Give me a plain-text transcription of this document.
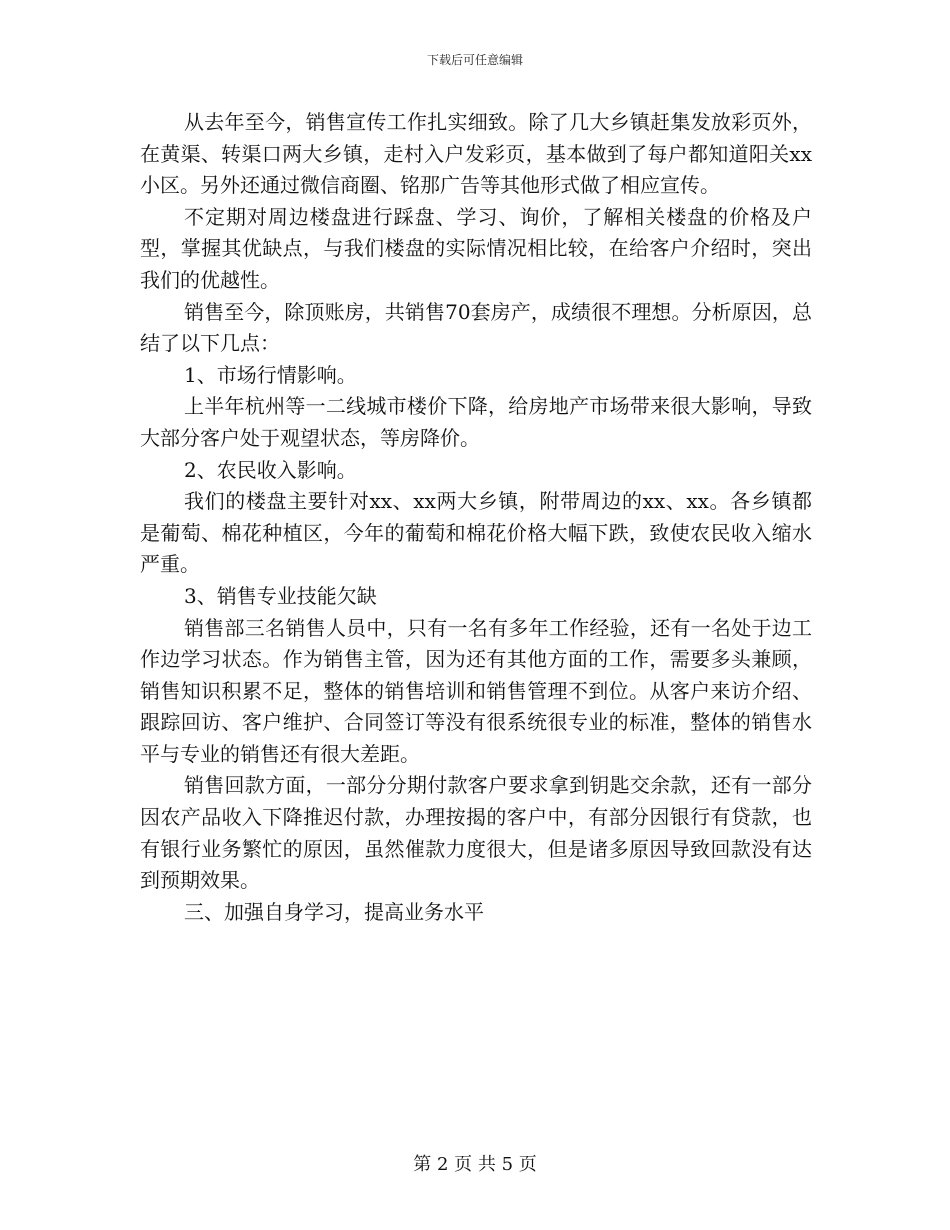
下载后可任意编辑

从去年至今，销售宣传工作扎实细致。除了几大乡镇赶集发放彩页外，在黄渠、转渠口两大乡镇，走村入户发彩页，基本做到了每户都知道阳关xx小区。另外还通过微信商圈、铭那广告等其他形式做了相应宣传。

不定期对周边楼盘进行踩盘、学习、询价，了解相关楼盘的价格及户型，掌握其优缺点，与我们楼盘的实际情况相比较，在给客户介绍时，突出我们的优越性。

销售至今，除顶账房，共销售70套房产，成绩很不理想。分析原因，总结了以下几点：

1、市场行情影响。

上半年杭州等一二线城市楼价下降，给房地产市场带来很大影响，导致大部分客户处于观望状态，等房降价。

2、农民收入影响。

我们的楼盘主要针对xx、xx两大乡镇，附带周边的xx、xx。各乡镇都是葡萄、棉花种植区，今年的葡萄和棉花价格大幅下跌，致使农民收入缩水严重。

3、销售专业技能欠缺

销售部三名销售人员中，只有一名有多年工作经验，还有一名处于边工作边学习状态。作为销售主管，因为还有其他方面的工作，需要多头兼顾，销售知识积累不足，整体的销售培训和销售管理不到位。从客户来访介绍、跟踪回访、客户维护、合同签订等没有很系统很专业的标准，整体的销售水平与专业的销售还有很大差距。

销售回款方面，一部分分期付款客户要求拿到钥匙交余款，还有一部分因农产品收入下降推迟付款，办理按揭的客户中，有部分因银行有贷款，也有银行业务繁忙的原因，虽然催款力度很大，但是诸多原因导致回款没有达到预期效果。

三、加强自身学习，提高业务水平

第 2 页 共 5 页
